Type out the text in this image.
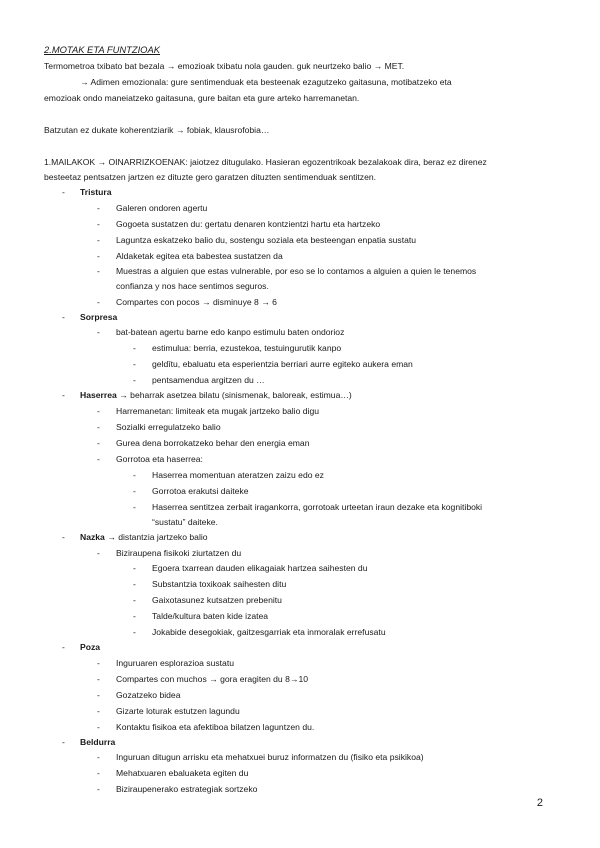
2.MOTAK ETA FUNTZIOAK
Termometroa txibato bat bezala → emozioak txibatu nola gauden. guk neurtzeko balio → MET.
→ Adimen emozionala: gure sentimenduak eta besteenak ezagutzeko gaitasuna, motibatzeko eta
emozioak ondo maneiatzeko gaitasuna, gure baitan eta gure arteko harremanetan.
Batzutan ez dukate koherentziarik → fobiak, klausrofobia…
1.MAILAKOK → OINARRIZKOENAK: jaiotzez ditugulako. Hasieran egozentrikoak bezalakoak dira, beraz ez direnez
besteetaz pentsatzen jartzen ez dituzte gero garatzen dituzten sentimenduak sentitzen.
- Tristura
- Galeren ondoren agertu
- Gogoeta sustatzen du: gertatu denaren kontzientzi hartu eta hartzeko
- Laguntza eskatzeko balio du, sostengu soziala eta besteengan enpatia sustatu
- Aldaketak egitea eta babestea sustatzen da
- Muestras a alguien que estas vulnerable, por eso se lo contamos a alguien a quien le tenemos
confianza y nos hace sentimos seguros.
- Compartes con pocos → disminuye 8 → 6
- Sorpresa
- bat-batean agertu barne edo kanpo estimulu baten ondorioz
- estimulua: berria, ezustekoa, testuingurutik kanpo
- geldītu, ebaluatu eta esperientzia berriari aurre egiteko aukera eman
- pentsamendua argitzen du …
- Haserrea → beharrak asetzea bilatu (sinismenak, baloreak, estimua…)
- Harremanetan: limiteak eta mugak jartzeko balio digu
- Sozialki erregulatzeko balio
- Gurea dena borrokatzeko behar den energia eman
- Gorrotoa eta haserrea:
- Haserrea momentuan ateratzen zaizu edo ez
- Gorrotoa erakutsi daiteke
- Haserrea sentitzea zerbait iragankorra, gorrotoak urteetan iraun dezake eta kognitiboki
“sustatu” daiteke.
- Nazka → distantzia jartzeko balio
- Biziraupena fisikoki ziurtatzen du
- Egoera txarrean dauden elikagaiak hartzea saihesten du
- Substantzia toxikoak saihesten ditu
- Gaixotasunez kutsatzen prebenitu
- Talde/kultura baten kide izatea
- Jokabide desegokiak, gaitzesgarriak eta inmoralak errefusatu
- Poza
- Inguruaren esplorazioa sustatu
- Compartes con muchos → gora eragiten du 8→10
- Gozatzeko bidea
- Gizarte loturak estutzen lagundu
- Kontaktu fisikoa eta afektiboa bilatzen laguntzen du.
- Beldurra
- Inguruan ditugun arrisku eta mehatxuei buruz informatzen du (fisiko eta psikikoa)
- Mehatxuaren ebaluaketa egiten du
- Biziraupenerako estrategiak sortzeko
2
